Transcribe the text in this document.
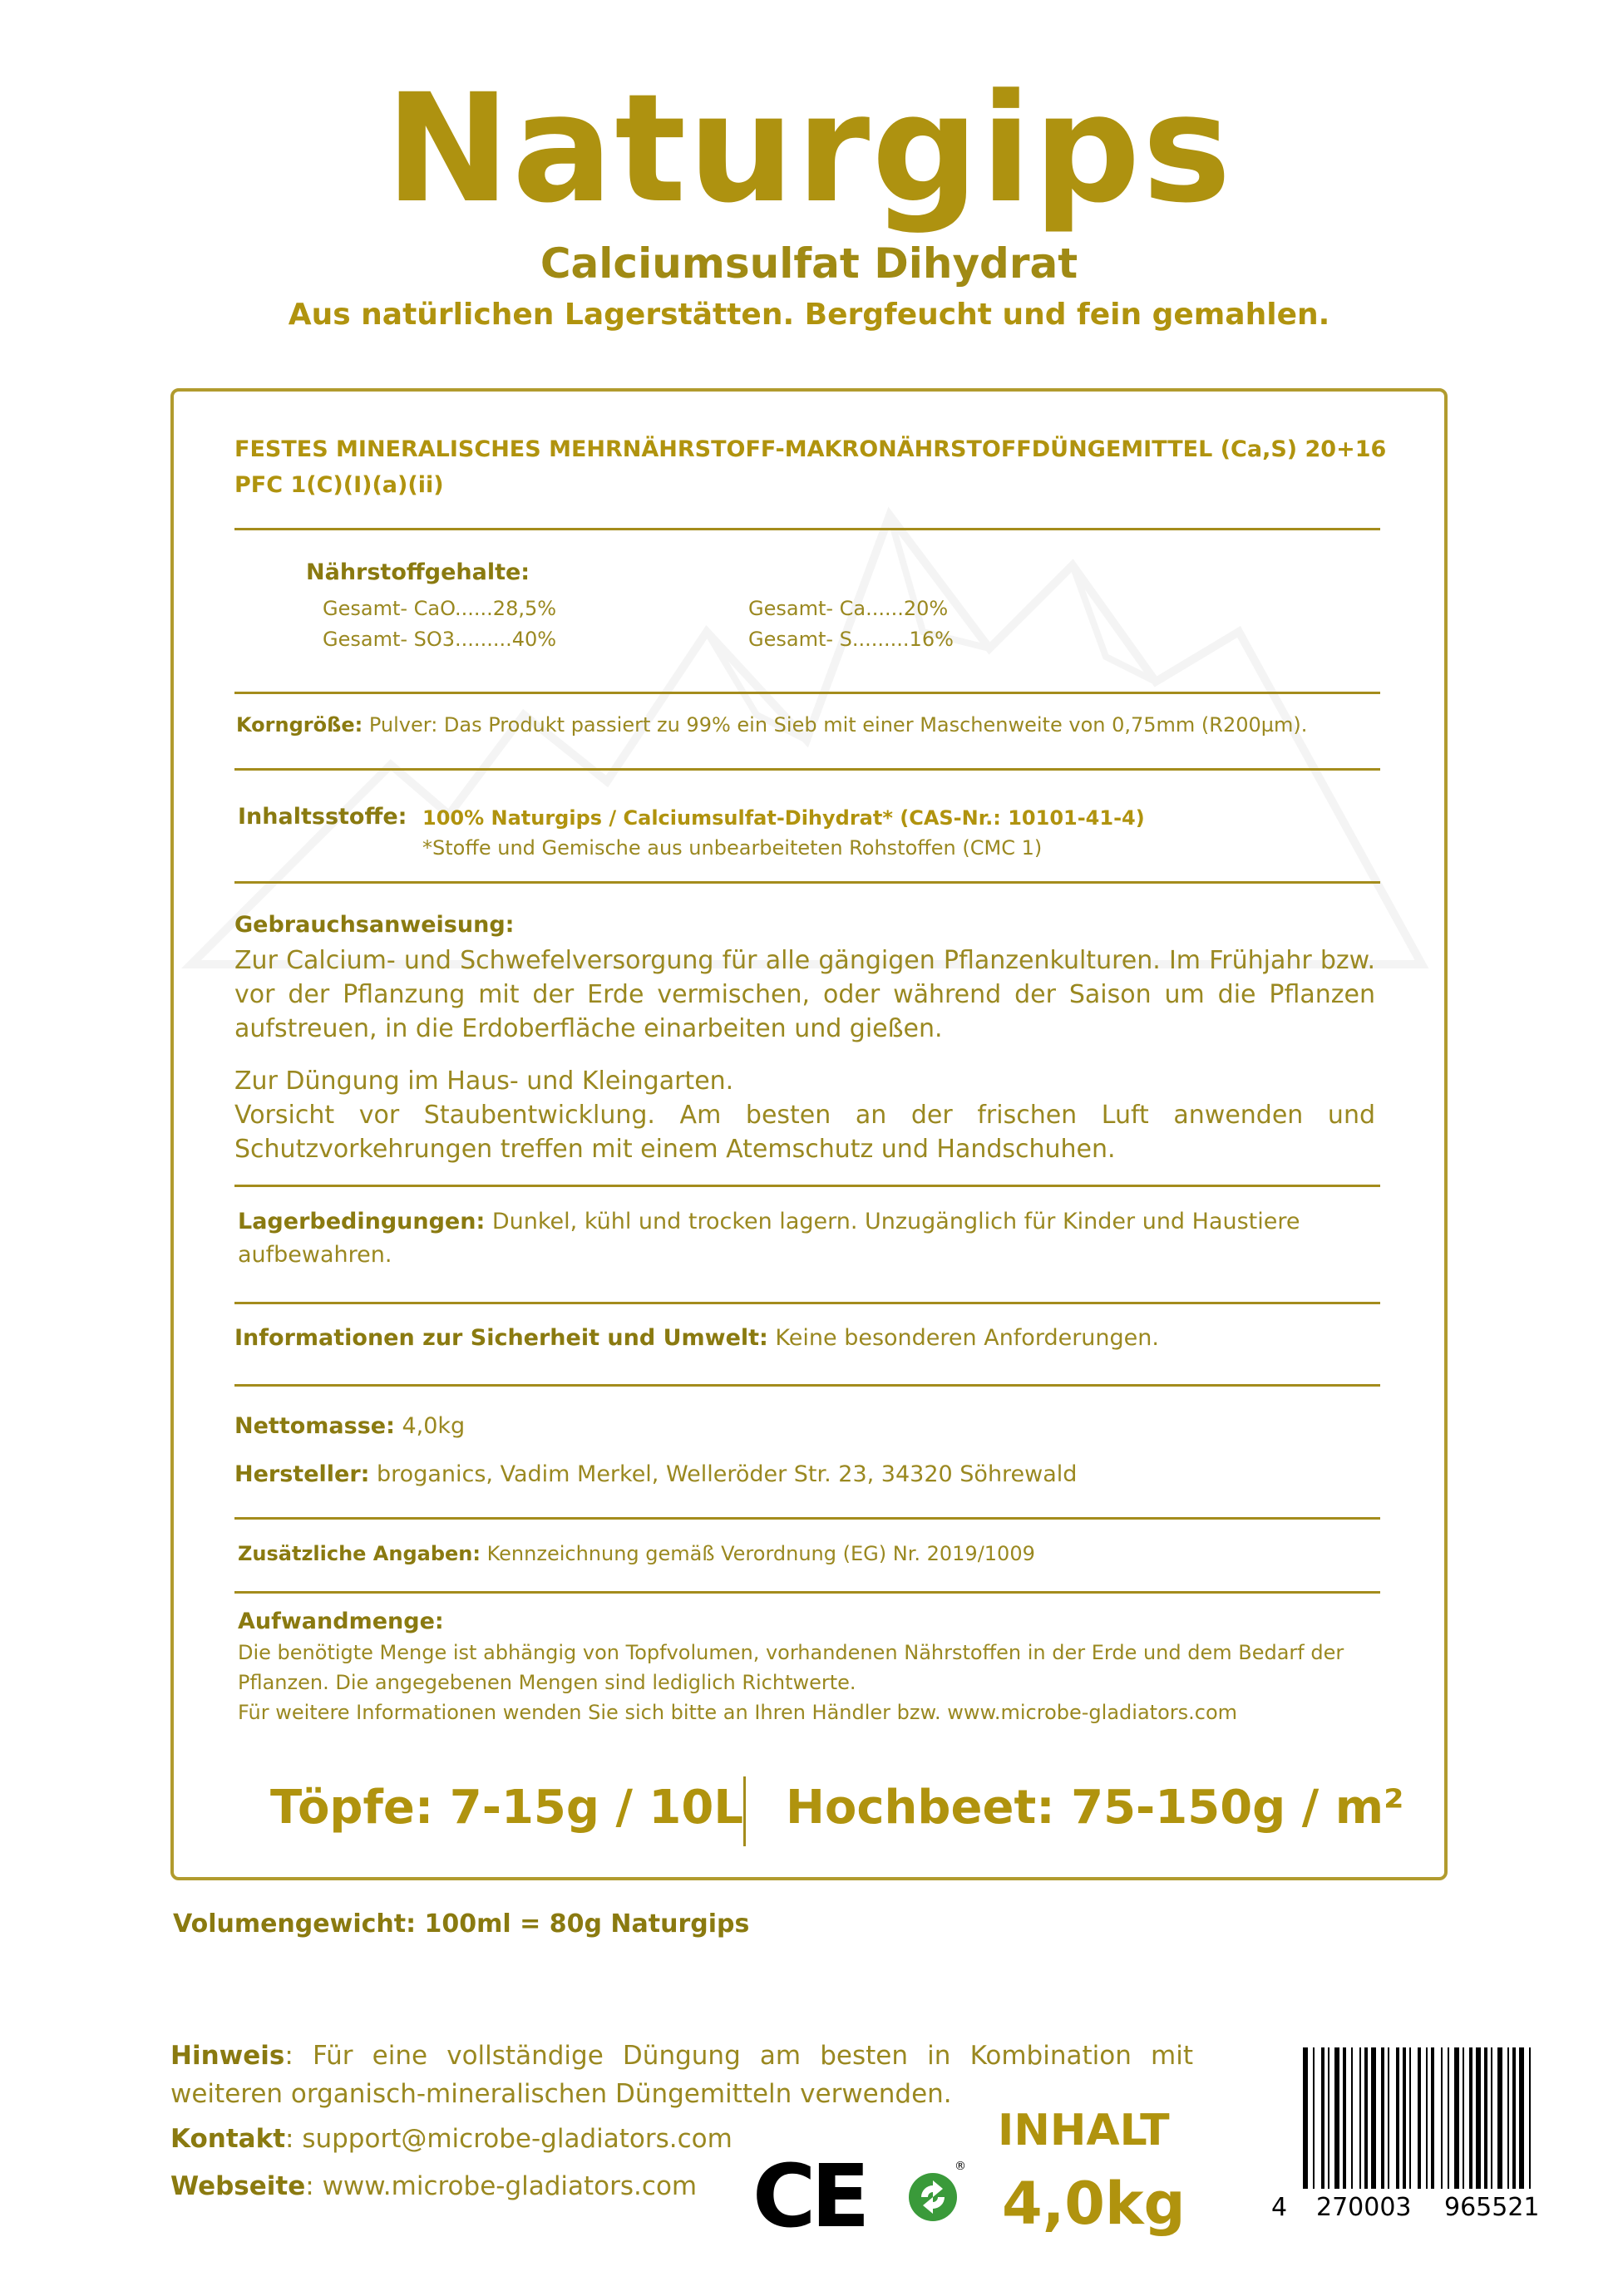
Naturgips
Calciumsulfat Dihydrat
Aus natürlichen Lagerstätten. Bergfeucht und fein gemahlen.
FESTES MINERALISCHES MEHRNÄHRSTOFF-MAKRONÄHRSTOFFDÜNGEMITTEL (Ca,S) 20+16
PFC 1(C)(I)(a)(ii)
Nährstoffgehalte:
Gesamt- CaO......28,5%	Gesamt- Ca......20%
Gesamt- SO3.........40%	Gesamt- S.........16%
Korngröße: Pulver: Das Produkt passiert zu 99% ein Sieb mit einer Maschenweite von 0,75mm (R200µm).
Inhaltsstoffe: 100% Naturgips / Calciumsulfat-Dihydrat* (CAS-Nr.: 10101-41-4)
*Stoffe und Gemische aus unbearbeiteten Rohstoffen (CMC 1)
Gebrauchsanweisung:
Zur Calcium- und Schwefelversorgung für alle gängigen Pflanzenkulturen. Im Frühjahr bzw. vor der Pflanzung mit der Erde vermischen, oder während der Saison um die Pflanzen aufstreuen, in die Erdoberfläche einarbeiten und gießen.
Zur Düngung im Haus- und Kleingarten.
Vorsicht vor Staubentwicklung. Am besten an der frischen Luft anwenden und Schutzvorkehrungen treffen mit einem Atemschutz und Handschuhen.
Lagerbedingungen: Dunkel, kühl und trocken lagern. Unzugänglich für Kinder und Haustiere aufbewahren.
Informationen zur Sicherheit und Umwelt: Keine besonderen Anforderungen.
Nettomasse: 4,0kg
Hersteller: broganics, Vadim Merkel, Welleröder Str. 23, 34320 Söhrewald
Zusätzliche Angaben: Kennzeichnung gemäß Verordnung (EG) Nr. 2019/1009
Aufwandmenge:
Die benötigte Menge ist abhängig von Topfvolumen, vorhandenen Nährstoffen in der Erde und dem Bedarf der
Pflanzen. Die angegebenen Mengen sind lediglich Richtwerte.
Für weitere Informationen wenden Sie sich bitte an Ihren Händler bzw. www.microbe-gladiators.com
Töpfe: 7-15g / 10L Hochbeet: 75-150g / m²
Volumengewicht: 100ml = 80g Naturgips
Hinweis: Für eine vollständige Düngung am besten in Kombination mit weiteren organisch-mineralischen Düngemitteln verwenden.
Kontakt: support@microbe-gladiators.com
Webseite: www.microbe-gladiators.com CE	®
INHALT
4,0kg	4 270003 965521
